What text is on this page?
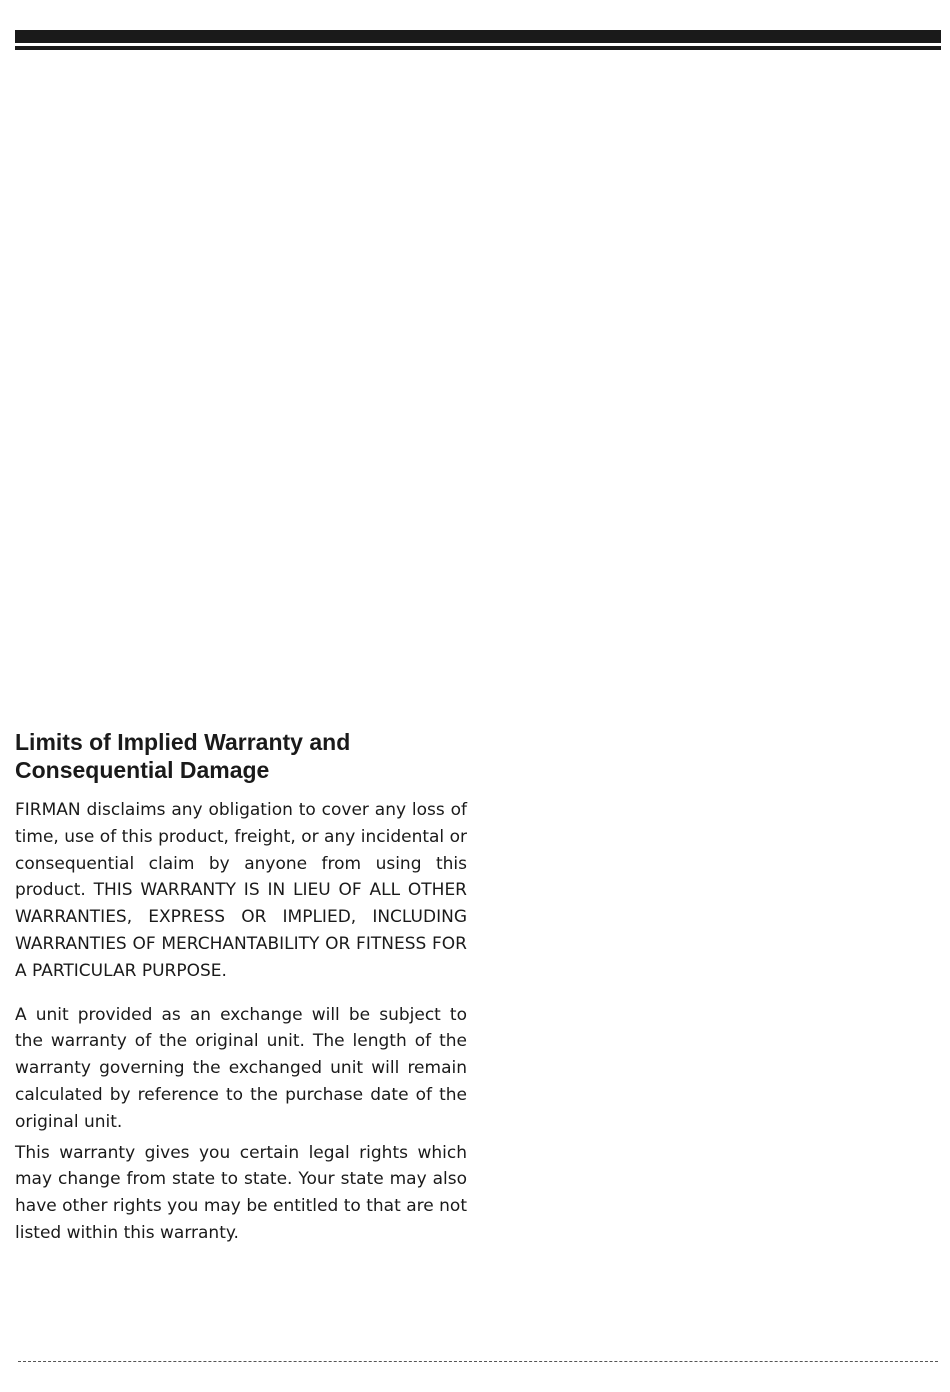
Limits of Implied Warranty and Consequential Damage

FIRMAN disclaims any obligation to cover any loss of time, use of this product, freight, or any incidental or consequential claim by anyone from using this product. THIS WARRANTY IS IN LIEU OF ALL OTHER WARRANTIES, EXPRESS OR IMPLIED, INCLUDING WARRANTIES OF MERCHANTABILITY OR FITNESS FOR A PARTICULAR PURPOSE.

A unit provided as an exchange will be subject to the warranty of the original unit. The length of the warranty governing the exchanged unit will remain calculated by reference to the purchase date of the original unit.

This warranty gives you certain legal rights which may change from state to state. Your state may also have other rights you may be entitled to that are not listed within this warranty.
